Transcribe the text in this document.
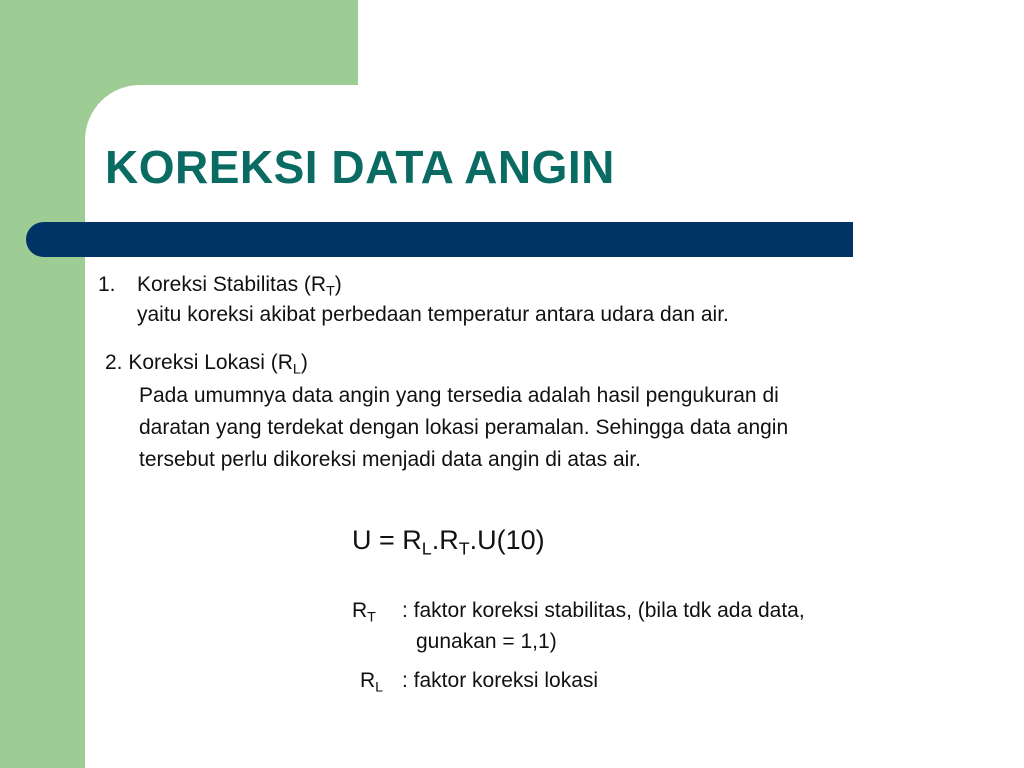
KOREKSI DATA ANGIN

1. Koreksi Stabilitas $(R_T)$

yaitu koreksi akibat perbedaan temperatur antara udara dan air.

2. Koreksi Lokasi $(R_L)$

Pada umumnya data angin yang tersedia adalah hasil pengukuran di

daratan yang terdekat dengan lokasi peramalan. Sehingga data angin

tersebut perlu dikoreksi menjadi data angin di atas air.

$U = R_L.R_T.U(10)$

$R_T$ : faktor koreksi stabilitas, (bila tdk ada data,

gunakan = 1,1)

$R_L$ : faktor koreksi lokasi
